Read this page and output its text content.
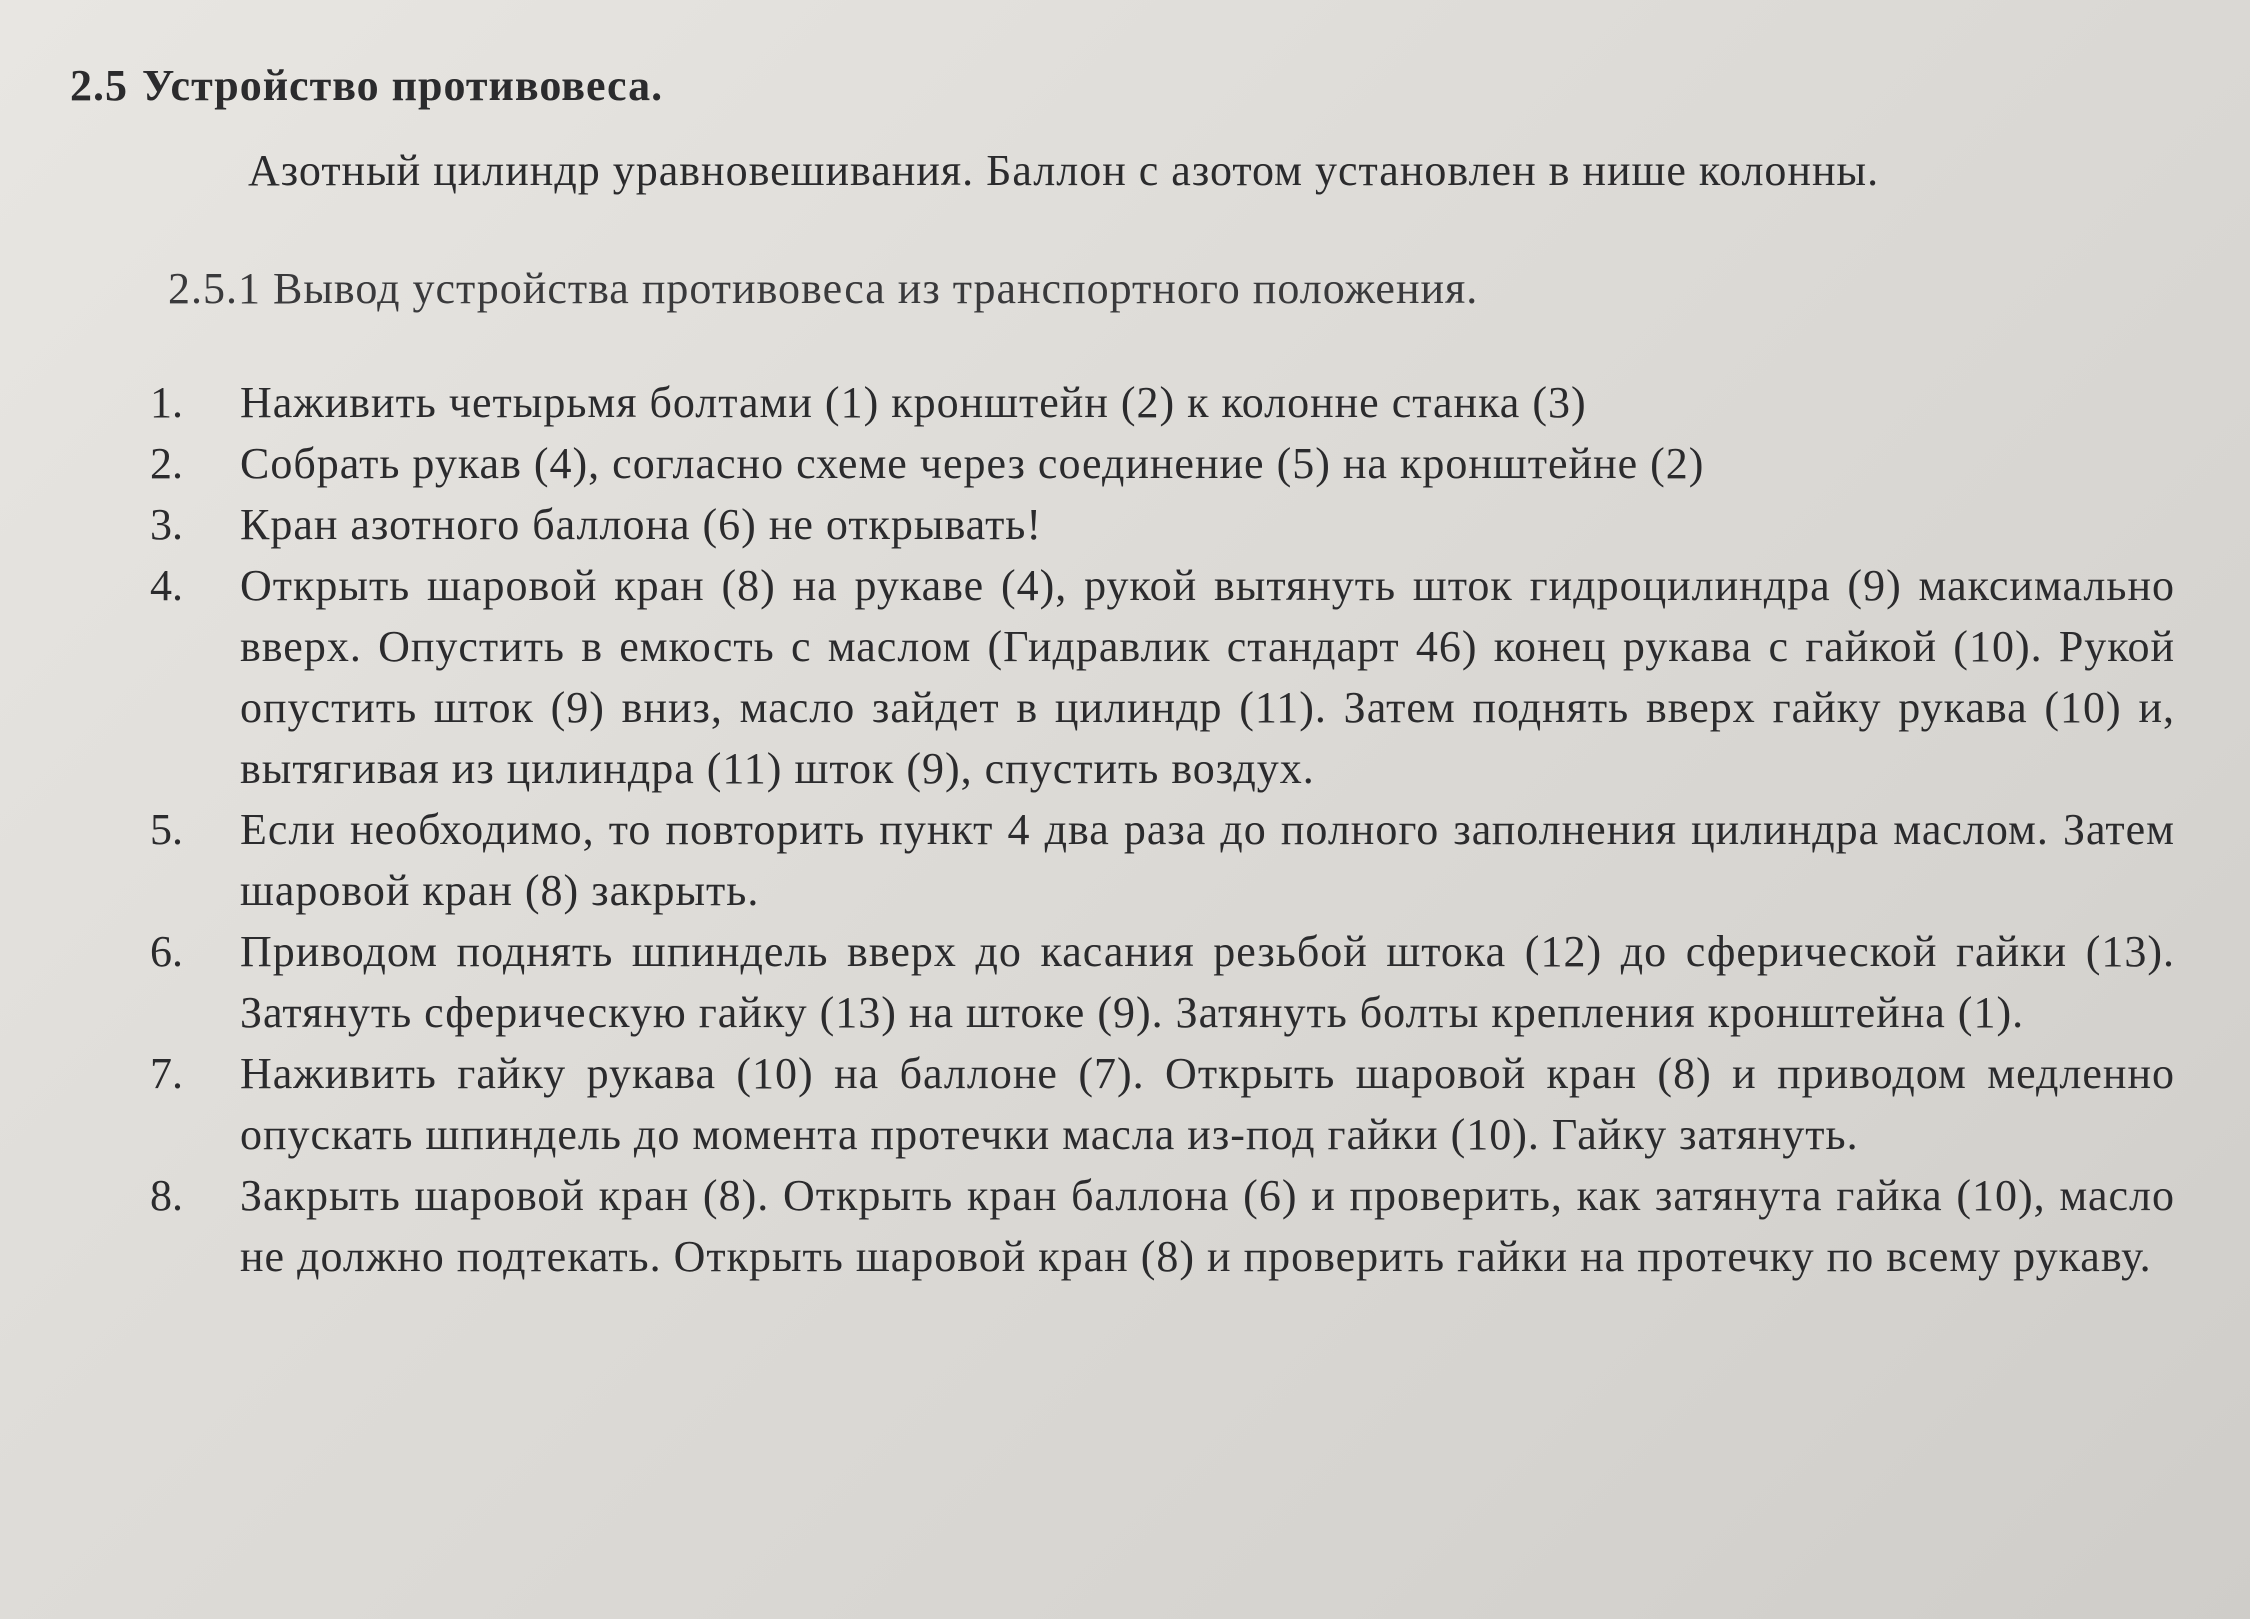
2.5 Устройство противовеса.
Азотный цилиндр уравновешивания. Баллон с азотом установлен в нише колонны.
2.5.1 Вывод устройства противовеса из транспортного положения.
1.	Наживить четырьмя болтами (1) кронштейн (2) к колонне станка (3)
2.	Собрать рукав (4), согласно схеме через соединение (5) на кронштейне (2)
3.	Кран азотного баллона (6) не открывать!
4.	Открыть шаровой кран (8) на рукаве (4), рукой вытянуть шток гидроцилиндра (9) максимально вверх. Опустить в емкость с маслом (Гидравлик стандарт 46) конец рукава с гайкой (10). Рукой опустить шток (9) вниз, масло зайдет в цилиндр (11). Затем поднять вверх гайку рукава (10) и, вытягивая из цилиндра (11) шток (9), спустить воздух.
5.	Если необходимо, то повторить пункт 4 два раза до полного заполнения цилиндра маслом. Затем шаровой кран (8) закрыть.
6.	Приводом поднять шпиндель вверх до касания резьбой штока (12) до сферической гайки (13). Затянуть сферическую гайку (13) на штоке (9). Затянуть болты крепления кронштейна (1).
7.	Наживить гайку рукава (10) на баллоне (7). Открыть шаровой кран (8) и приводом медленно опускать шпиндель до момента протечки масла из-под гайки (10). Гайку затянуть.
8.	Закрыть шаровой кран (8). Открыть кран баллона (6) и проверить, как затянута гайка (10), масло не должно подтекать. Открыть шаровой кран (8) и проверить гайки на протечку по всему рукаву.
